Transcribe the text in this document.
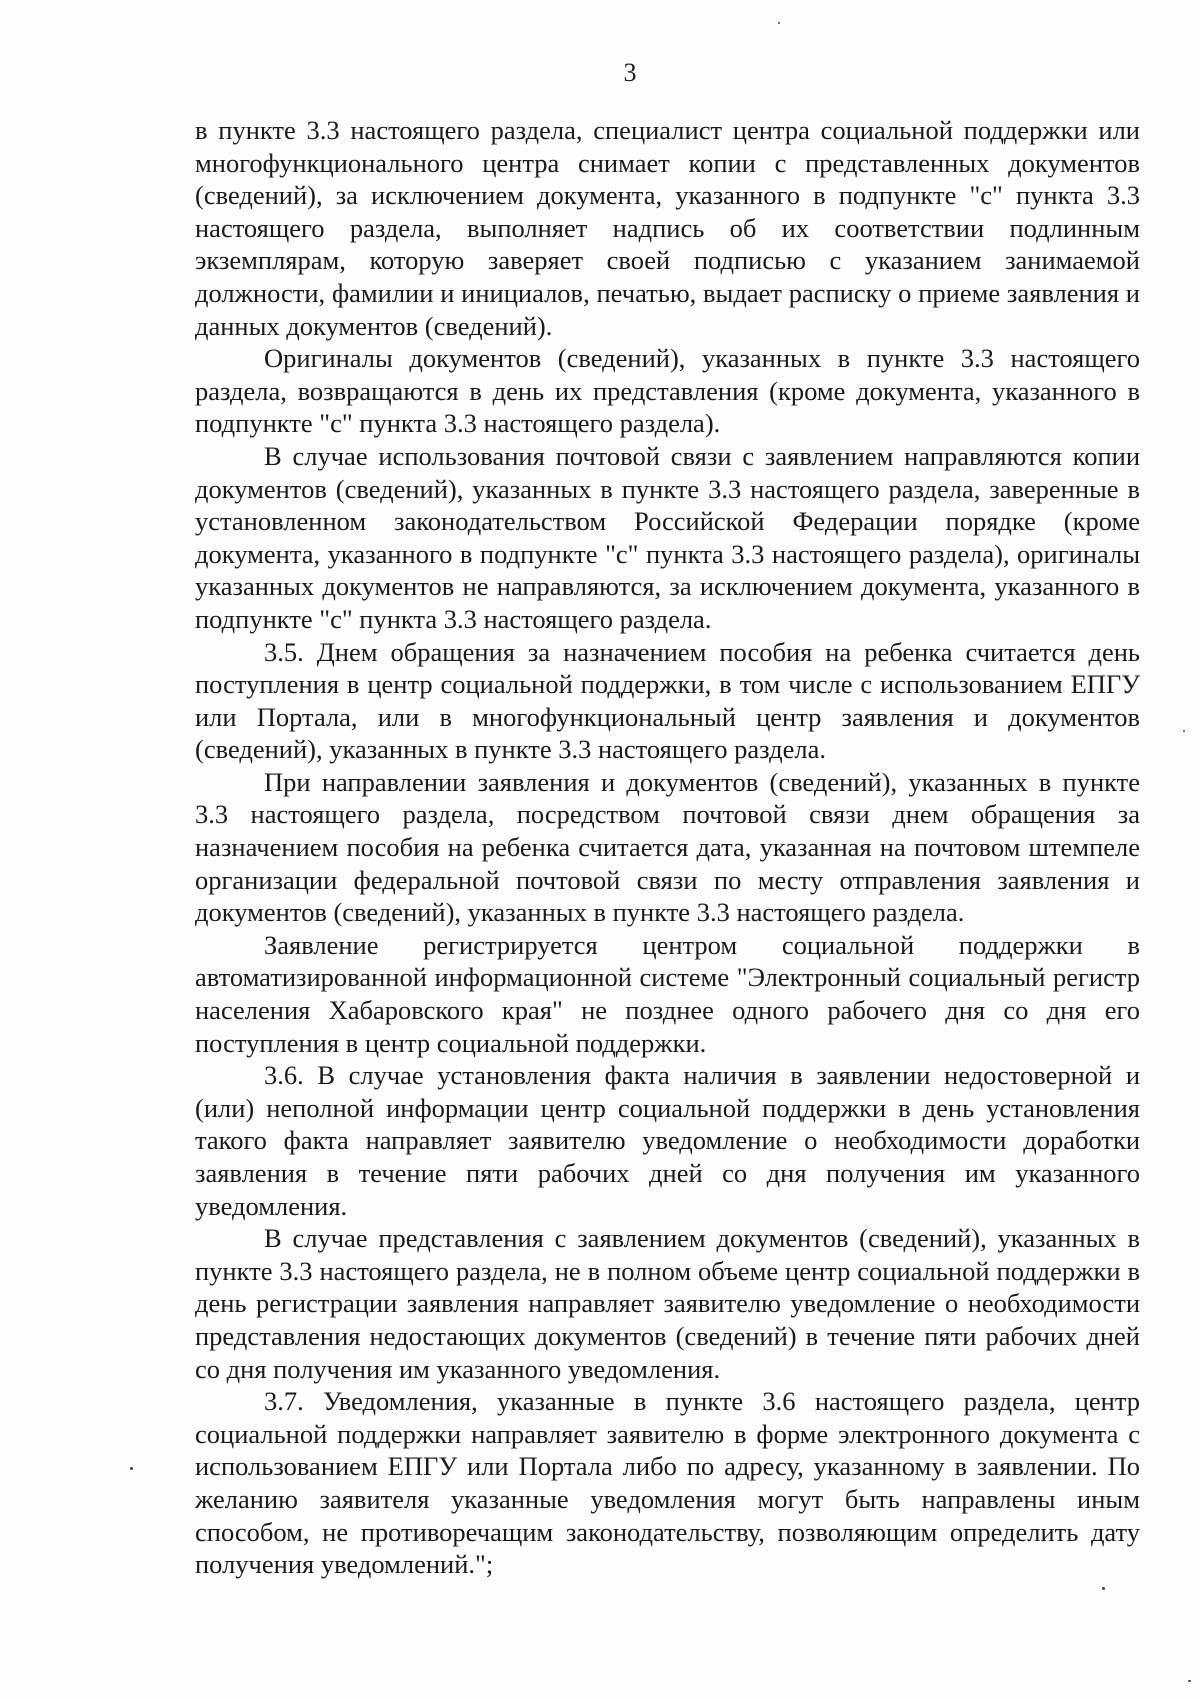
3

в пункте 3.3 настоящего раздела, специалист центра социальной поддержки или многофункционального центра снимает копии с представленных документов (сведений), за исключением документа, указанного в подпункте "с" пункта 3.3 настоящего раздела, выполняет надпись об их соответствии подлинным экземплярам, которую заверяет своей подписью с указанием занимаемой должности, фамилии и инициалов, печатью, выдает расписку о приеме заявления и данных документов (сведений).

Оригиналы документов (сведений), указанных в пункте 3.3 настоящего раздела, возвращаются в день их представления (кроме документа, указанного в подпункте "с" пункта 3.3 настоящего раздела).

В случае использования почтовой связи с заявлением направляются копии документов (сведений), указанных в пункте 3.3 настоящего раздела, заверенные в установленном законодательством Российской Федерации порядке (кроме документа, указанного в подпункте "с" пункта 3.3 настоящего раздела), оригиналы указанных документов не направляются, за исключением документа, указанного в подпункте "с" пункта 3.3 настоящего раздела.

3.5. Днем обращения за назначением пособия на ребенка считается день поступления в центр социальной поддержки, в том числе с использованием ЕПГУ или Портала, или в многофункциональный центр заявления и документов (сведений), указанных в пункте 3.3 настоящего раздела.

При направлении заявления и документов (сведений), указанных в пункте 3.3 настоящего раздела, посредством почтовой связи днем обращения за назначением пособия на ребенка считается дата, указанная на почтовом штемпеле организации федеральной почтовой связи по месту отправления заявления и документов (сведений), указанных в пункте 3.3 настоящего раздела.

Заявление регистрируется центром социальной поддержки в автоматизированной информационной системе "Электронный социальный регистр населения Хабаровского края" не позднее одного рабочего дня со дня его поступления в центр социальной поддержки.

3.6. В случае установления факта наличия в заявлении недостоверной и (или) неполной информации центр социальной поддержки в день установления такого факта направляет заявителю уведомление о необходимости доработки заявления в течение пяти рабочих дней со дня получения им указанного уведомления.

В случае представления с заявлением документов (сведений), указанных в пункте 3.3 настоящего раздела, не в полном объеме центр социальной поддержки в день регистрации заявления направляет заявителю уведомление о необходимости представления недостающих документов (сведений) в течение пяти рабочих дней со дня получения им указанного уведомления.

3.7. Уведомления, указанные в пункте 3.6 настоящего раздела, центр социальной поддержки направляет заявителю в форме электронного документа с использованием ЕПГУ или Портала либо по адресу, указанному в заявлении. По желанию заявителя указанные уведомления могут быть направлены иным способом, не противоречащим законодательству, позволяющим определить дату получения уведомлений.";
